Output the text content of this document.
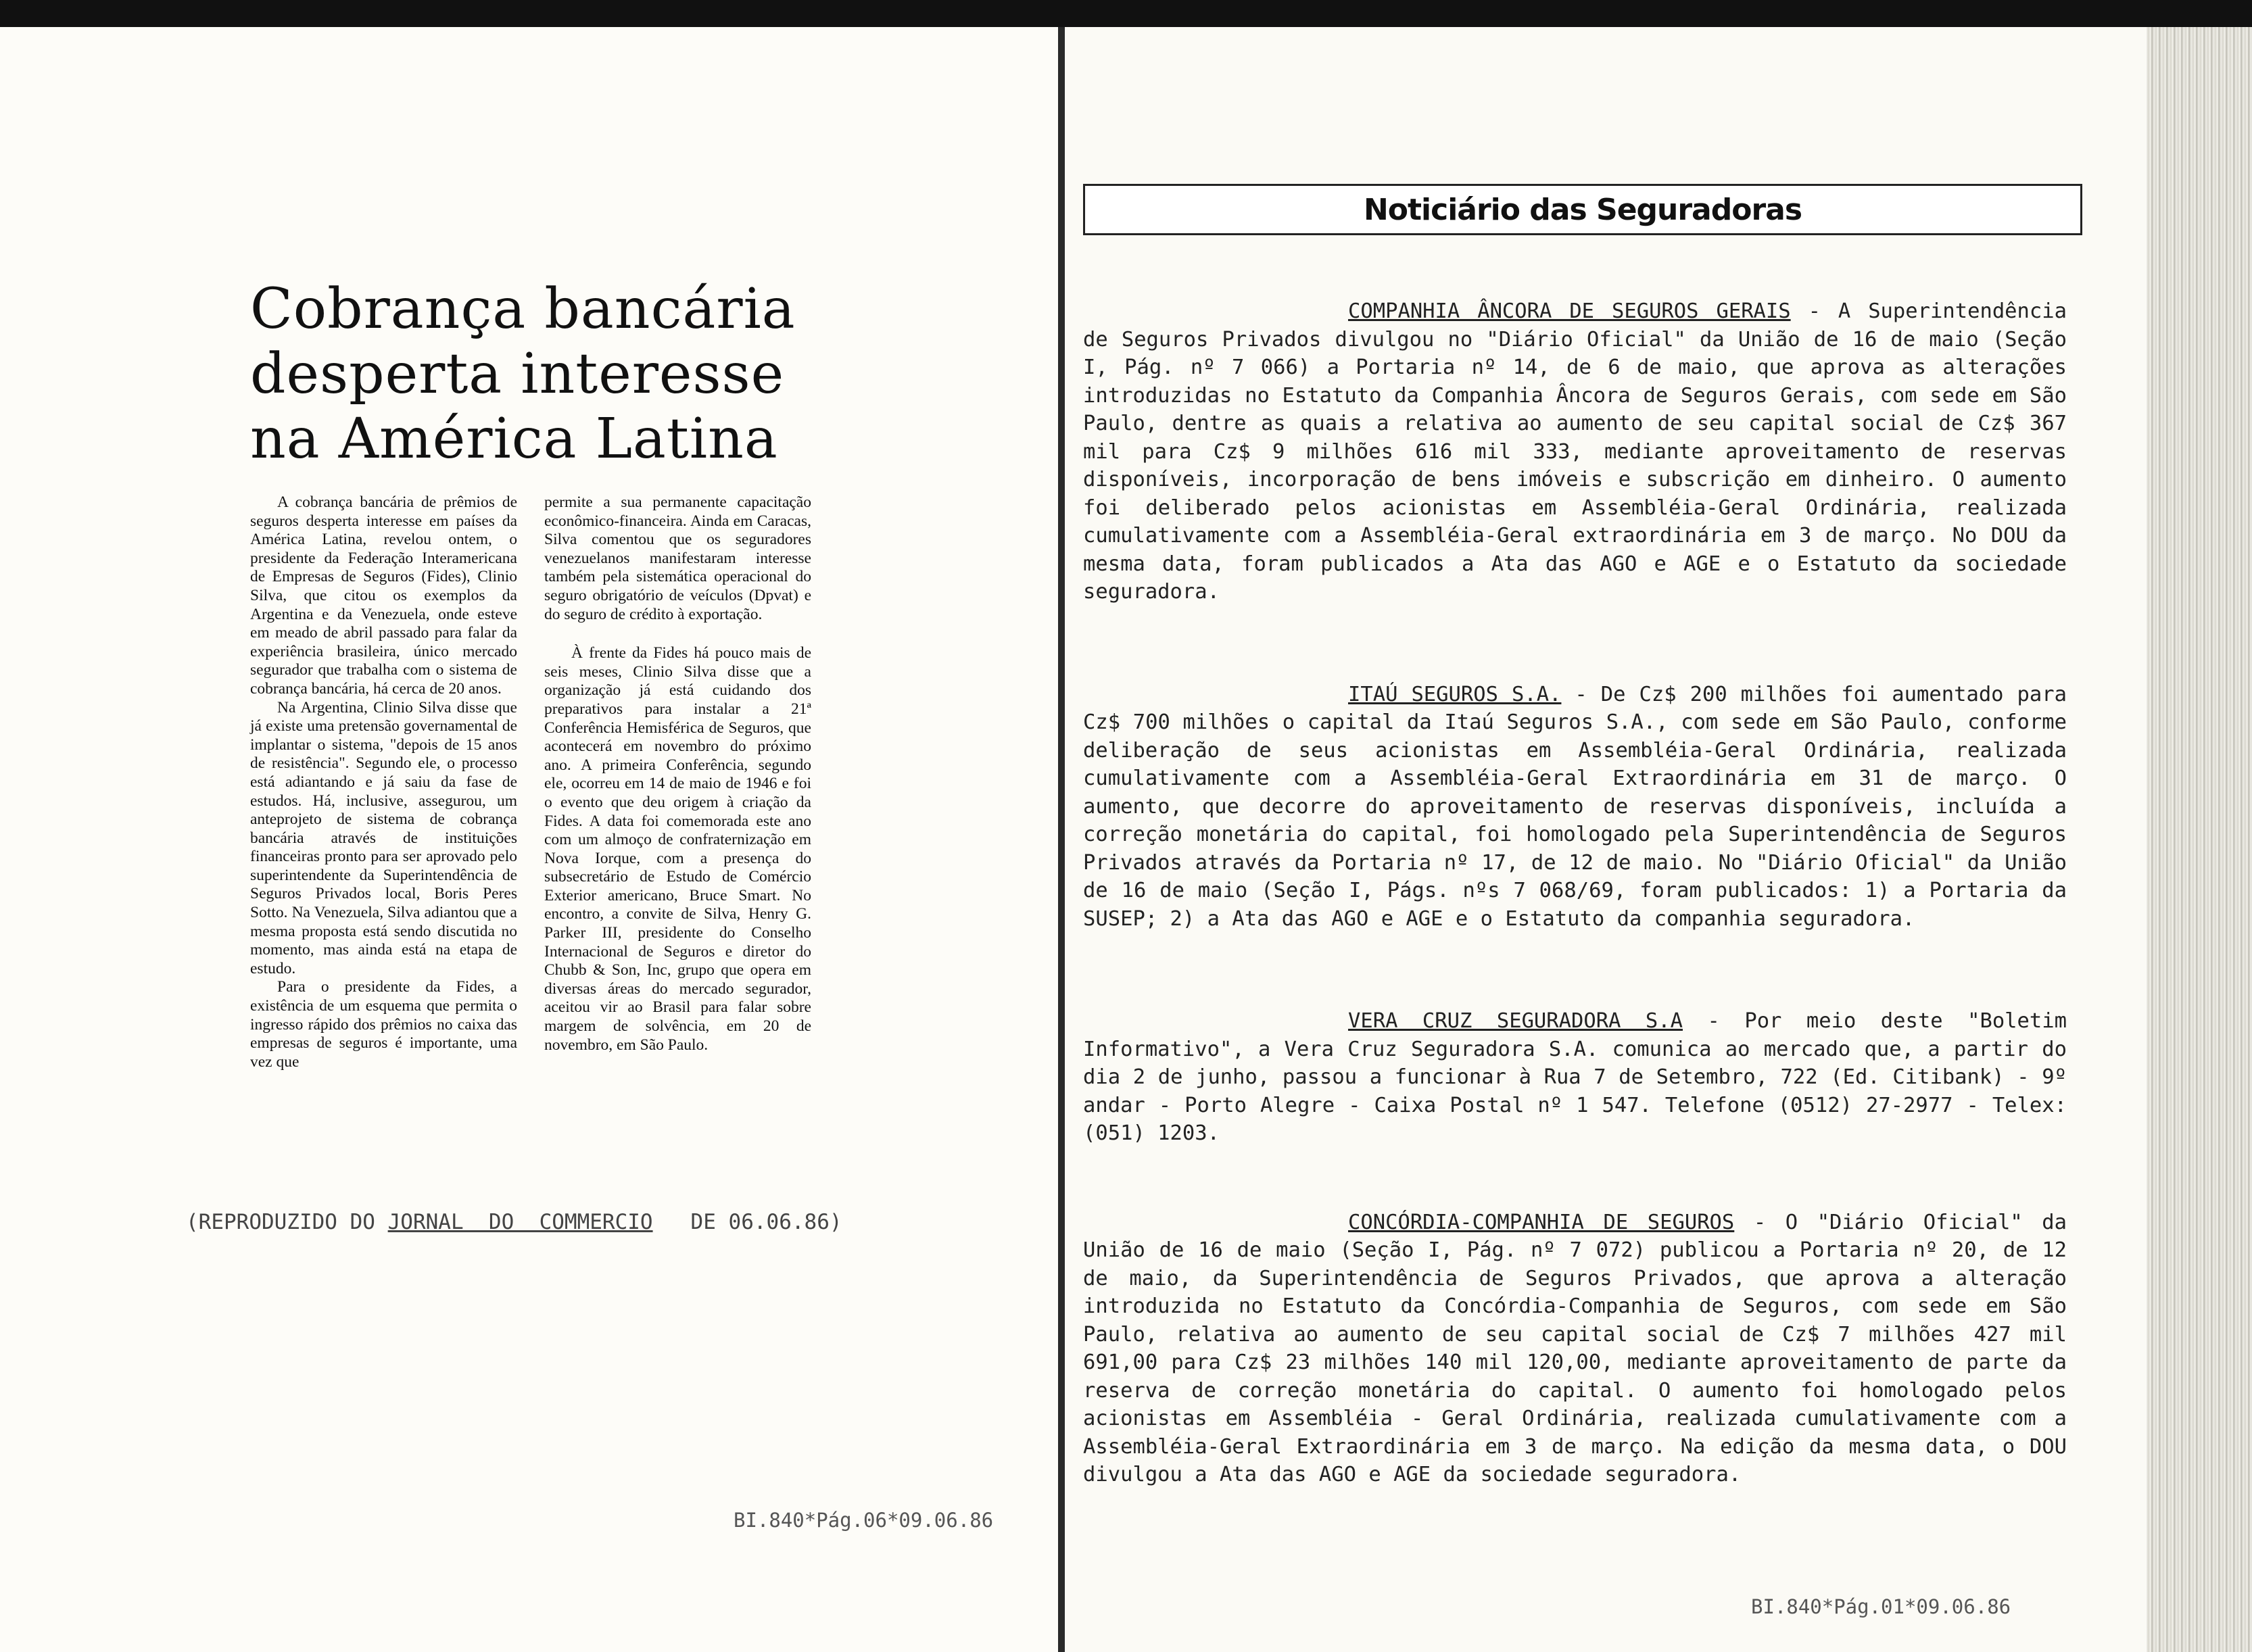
Cobrança bancária desperta interesse na América Latina

A cobrança bancária de prêmios de seguros desperta interesse em países da América Latina, revelou ontem, o presidente da Federação Interamericana de Empresas de Seguros (Fides), Clinio Silva, que citou os exemplos da Argentina e da Venezuela, onde esteve em meado de abril passado para falar da experiência brasileira, único mercado segurador que trabalha com o sistema de cobrança bancária, há cerca de 20 anos.

Na Argentina, Clinio Silva disse que já existe uma pretensão governamental de implantar o sistema, "depois de 15 anos de resistência". Segundo ele, o processo está adiantando e já saiu da fase de estudos. Há, inclusive, assegurou, um anteprojeto de sistema de cobrança bancária através de instituições financeiras pronto para ser aprovado pelo superintendente da Superintendência de Seguros Privados local, Boris Peres Sotto. Na Venezuela, Silva adiantou que a mesma proposta está sendo discutida no momento, mas ainda está na etapa de estudo.

Para o presidente da Fides, a existência de um esquema que permita o ingresso rápido dos prêmios no caixa das empresas de seguros é importante, uma vez que

permite a sua permanente capacitação econômico-financeira. Ainda em Caracas, Silva comentou que os seguradores venezuelanos manifestaram interesse também pela sistemática operacional do seguro obrigatório de veículos (Dpvat) e do seguro de crédito à exportação.

À frente da Fides há pouco mais de seis meses, Clinio Silva disse que a organização já está cuidando dos preparativos para instalar a 21ª Conferência Hemisférica de Seguros, que acontecerá em novembro do próximo ano. A primeira Conferência, segundo ele, ocorreu em 14 de maio de 1946 e foi o evento que deu origem à criação da Fides. A data foi comemorada este ano com um almoço de confraternização em Nova Iorque, com a presença do subsecretário de Estudo de Comércio Exterior americano, Bruce Smart. No encontro, a convite de Silva, Henry G. Parker III, presidente do Conselho Internacional de Seguros e diretor do Chubb & Son, Inc, grupo que opera em diversas áreas do mercado segurador, aceitou vir ao Brasil para falar sobre margem de solvência, em 20 de novembro, em São Paulo.

(REPRODUZIDO DO JORNAL  DO  COMMERCIO   DE 06.06.86)
BI.840*Pág.06*09.06.86
Noticiário das Seguradoras

COMPANHIA ÂNCORA DE SEGUROS GERAIS - A Superintendência de Seguros Privados divulgou no "Diário Oficial" da União de 16 de maio (Seção I, Pág. nº 7 066) a Portaria nº 14, de 6 de maio, que aprova as alterações introduzidas no Estatuto da Companhia Âncora de Seguros Gerais, com sede em São Paulo, dentre as quais a relativa ao aumento de seu capital social de Cz$ 367 mil para Cz$ 9 milhões 616 mil 333, mediante aproveitamento de reservas disponíveis, incorporação de bens imóveis e subscrição em dinheiro. O aumento foi deliberado pelos acionistas em Assembléia-Geral Ordinária, realizada cumulativamente com a Assembléia-Geral extraordinária em 3 de março. No DOU da mesma data, foram publicados a Ata das AGO e AGE e o Estatuto da sociedade seguradora.

ITAÚ SEGUROS S.A. - De Cz$ 200 milhões foi aumentado para Cz$ 700 milhões o capital da Itaú Seguros S.A., com sede em São Paulo, conforme deliberação de seus acionistas em Assembléia-Geral Ordinária, realizada cumulativamente com a Assembléia-Geral Extraordinária em 31 de março. O aumento, que decorre do aproveitamento de reservas disponíveis, incluída a correção monetária do capital, foi homologado pela Superintendência de Seguros Privados através da Portaria nº 17, de 12 de maio. No "Diário Oficial" da União de 16 de maio (Seção I, Págs. nºs 7 068/69, foram publicados: 1) a Portaria da SUSEP; 2) a Ata das AGO e AGE e o Estatuto da companhia seguradora.

VERA CRUZ SEGURADORA S.A - Por meio deste "Boletim Informativo", a Vera Cruz Seguradora S.A. comunica ao mercado que, a partir do dia 2 de junho, passou a funcionar à Rua 7 de Setembro, 722 (Ed. Citibank) - 9º andar - Porto Alegre - Caixa Postal nº 1 547. Telefone (0512) 27-2977 - Telex: (051) 1203.

CONCÓRDIA-COMPANHIA DE SEGUROS - O "Diário Oficial" da União de 16 de maio (Seção I, Pág. nº 7 072) publicou a Portaria nº 20, de 12 de maio, da Superintendência de Seguros Privados, que aprova a alteração introduzida no Estatuto da Concórdia-Companhia de Seguros, com sede em São Paulo, relativa ao aumento de seu capital social de Cz$ 7 milhões 427 mil 691,00 para Cz$ 23 milhões 140 mil 120,00, mediante aproveitamento de parte da reserva de correção monetária do capital. O aumento foi homologado pelos acionistas em Assembléia - Geral Ordinária, realizada cumulativamente com a Assembléia-Geral Extraordinária em 3 de março. Na edição da mesma data, o DOU divulgou a Ata das AGO e AGE da sociedade seguradora.

BI.840*Pág.01*09.06.86
